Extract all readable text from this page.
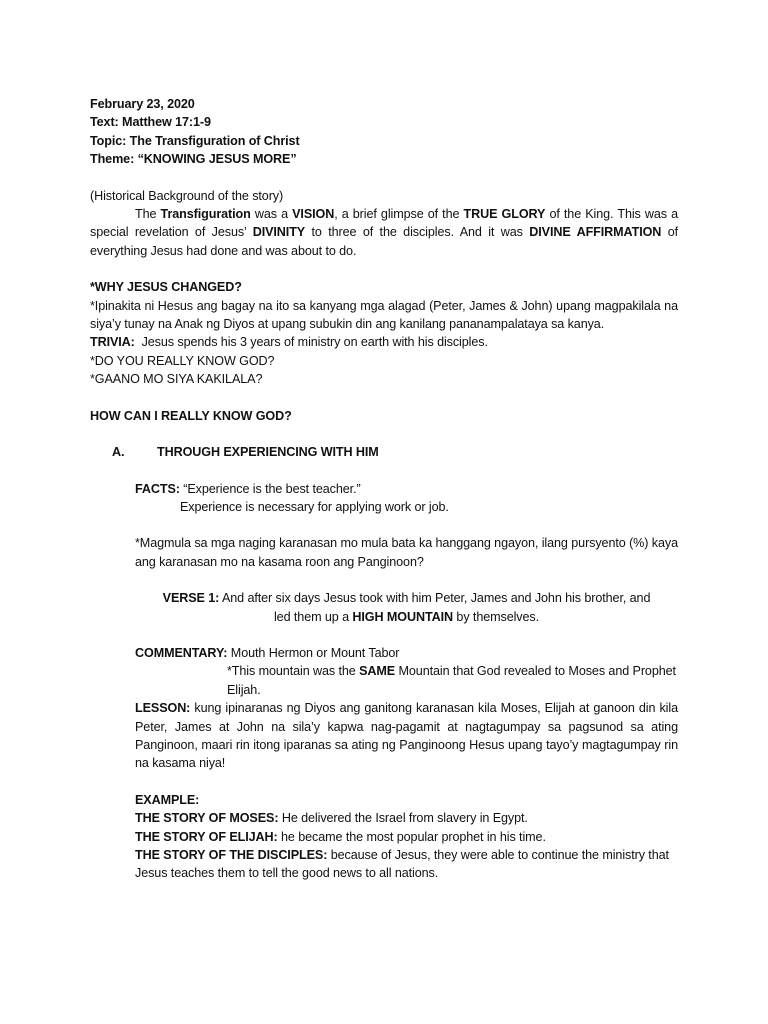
February 23, 2020
Text: Matthew 17:1-9
Topic: The Transfiguration of Christ
Theme: “KNOWING JESUS MORE”
(Historical Background of the story)
The Transfiguration was a VISION, a brief glimpse of the TRUE GLORY of the King. This was a special revelation of Jesus’ DIVINITY to three of the disciples. And it was DIVINE AFFIRMATION of everything Jesus had done and was about to do.
*WHY JESUS CHANGED?
*Ipinakita ni Hesus ang bagay na ito sa kanyang mga alagad (Peter, James & John) upang magpakilala na siya’y tunay na Anak ng Diyos at upang subukin din ang kanilang pananampalataya sa kanya.
TRIVIA:  Jesus spends his 3 years of ministry on earth with his disciples.
*DO YOU REALLY KNOW GOD?
*GAANO MO SIYA KAKILALA?
HOW CAN I REALLY KNOW GOD?
A.	THROUGH EXPERIENCING WITH HIM
FACTS: “Experience is the best teacher.”
Experience is necessary for applying work or job.
*Magmula sa mga naging karanasan mo mula bata ka hanggang ngayon, ilang pursyento (%) kaya ang karanasan mo na kasama roon ang Panginoon?
VERSE 1: And after six days Jesus took with him Peter, James and John his brother, and
led them up a HIGH MOUNTAIN by themselves.
COMMENTARY: Mouth Hermon or Mount Tabor
*This mountain was the SAME Mountain that God revealed to Moses and Prophet Elijah.
LESSON: kung ipinaranas ng Diyos ang ganitong karanasan kila Moses, Elijah at ganoon din kila Peter, James at John na sila’y kapwa nag-pagamit at nagtagumpay sa pagsunod sa ating Panginoon, maari rin itong iparanas sa ating ng Panginoong Hesus upang tayo’y magtagumpay rin na kasama niya!
EXAMPLE:
THE STORY OF MOSES: He delivered the Israel from slavery in Egypt.
THE STORY OF ELIJAH: he became the most popular prophet in his time.
THE STORY OF THE DISCIPLES: because of Jesus, they were able to continue the ministry that Jesus teaches them to tell the good news to all nations.
